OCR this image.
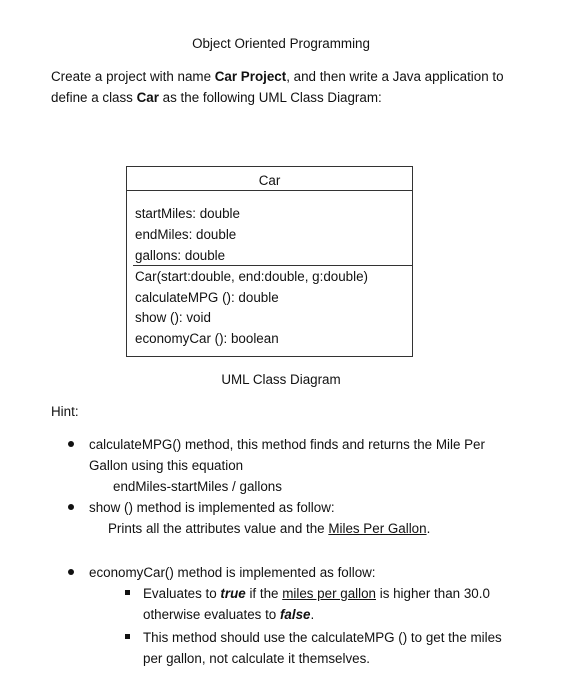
Object Oriented Programming
Create a project with name Car Project, and then write a Java application to
define a class Car as the following UML Class Diagram:
Car
startMiles: double
endMiles: double
gallons: double
Car(start:double, end:double, g:double)
calculateMPG (): double
show (): void
economyCar (): boolean
UML Class Diagram
Hint:
calculateMPG() method, this method finds and returns the Mile Per
Gallon using this equation
endMiles-startMiles / gallons
show () method is implemented as follow:
Prints all the attributes value and the Miles Per Gallon.
economyCar() method is implemented as follow:
Evaluates to true if the miles per gallon is higher than 30.0
otherwise evaluates to false.
This method should use the calculateMPG () to get the miles
per gallon, not calculate it themselves.
